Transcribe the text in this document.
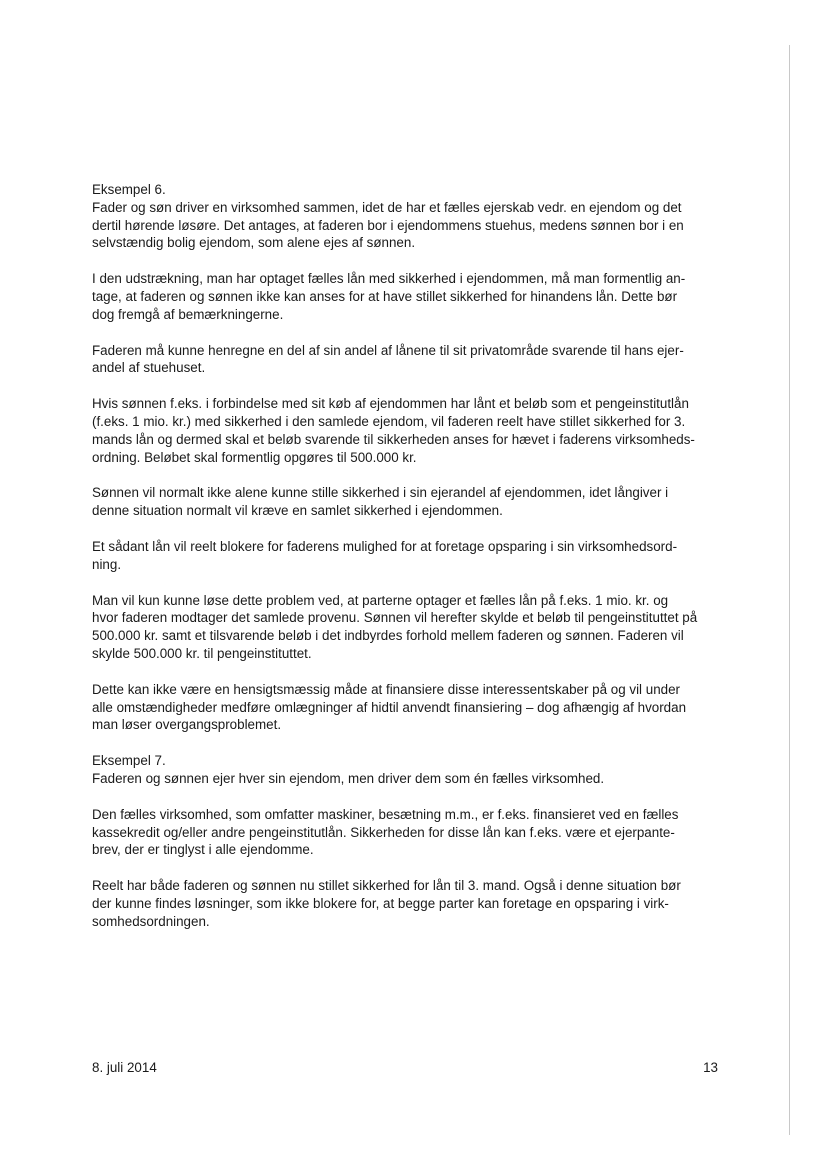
Eksempel 6.
Fader og søn driver en virksomhed sammen, idet de har et fælles ejerskab vedr. en ejendom og det
dertil hørende løsøre. Det antages, at faderen bor i ejendommens stuehus, medens sønnen bor i en
selvstændig bolig ejendom, som alene ejes af sønnen.
I den udstrækning, man har optaget fælles lån med sikkerhed i ejendommen, må man formentlig an-
tage, at faderen og sønnen ikke kan anses for at have stillet sikkerhed for hinandens lån. Dette bør
dog fremgå af bemærkningerne.
Faderen må kunne henregne en del af sin andel af lånene til sit privatområde svarende til hans ejer-
andel af stuehuset.
Hvis sønnen f.eks. i forbindelse med sit køb af ejendommen har lånt et beløb som et pengeinstitutlån
(f.eks. 1 mio. kr.) med sikkerhed i den samlede ejendom, vil faderen reelt have stillet sikkerhed for 3.
mands lån og dermed skal et beløb svarende til sikkerheden anses for hævet i faderens virksomheds-
ordning. Beløbet skal formentlig opgøres til 500.000 kr.
Sønnen vil normalt ikke alene kunne stille sikkerhed i sin ejerandel af ejendommen, idet långiver i
denne situation normalt vil kræve en samlet sikkerhed i ejendommen.
Et sådant lån vil reelt blokere for faderens mulighed for at foretage opsparing i sin virksomhedsord-
ning.
Man vil kun kunne løse dette problem ved, at parterne optager et fælles lån på f.eks. 1 mio. kr. og
hvor faderen modtager det samlede provenu. Sønnen vil herefter skylde et beløb til pengeinstituttet på
500.000 kr. samt et tilsvarende beløb i det indbyrdes forhold mellem faderen og sønnen. Faderen vil
skylde 500.000 kr. til pengeinstituttet.
Dette kan ikke være en hensigtsmæssig måde at finansiere disse interessentskaber på og vil under
alle omstændigheder medføre omlægninger af hidtil anvendt finansiering – dog afhængig af hvordan
man løser overgangsproblemet.
Eksempel 7.
Faderen og sønnen ejer hver sin ejendom, men driver dem som én fælles virksomhed.
Den fælles virksomhed, som omfatter maskiner, besætning m.m., er f.eks. finansieret ved en fælles
kassekredit og/eller andre pengeinstitutlån. Sikkerheden for disse lån kan f.eks. være et ejerpante-
brev, der er tinglyst i alle ejendomme.
Reelt har både faderen og sønnen nu stillet sikkerhed for lån til 3. mand. Også i denne situation bør
der kunne findes løsninger, som ikke blokere for, at begge parter kan foretage en opsparing i virk-
somhedsordningen.
8. juli 2014	13
